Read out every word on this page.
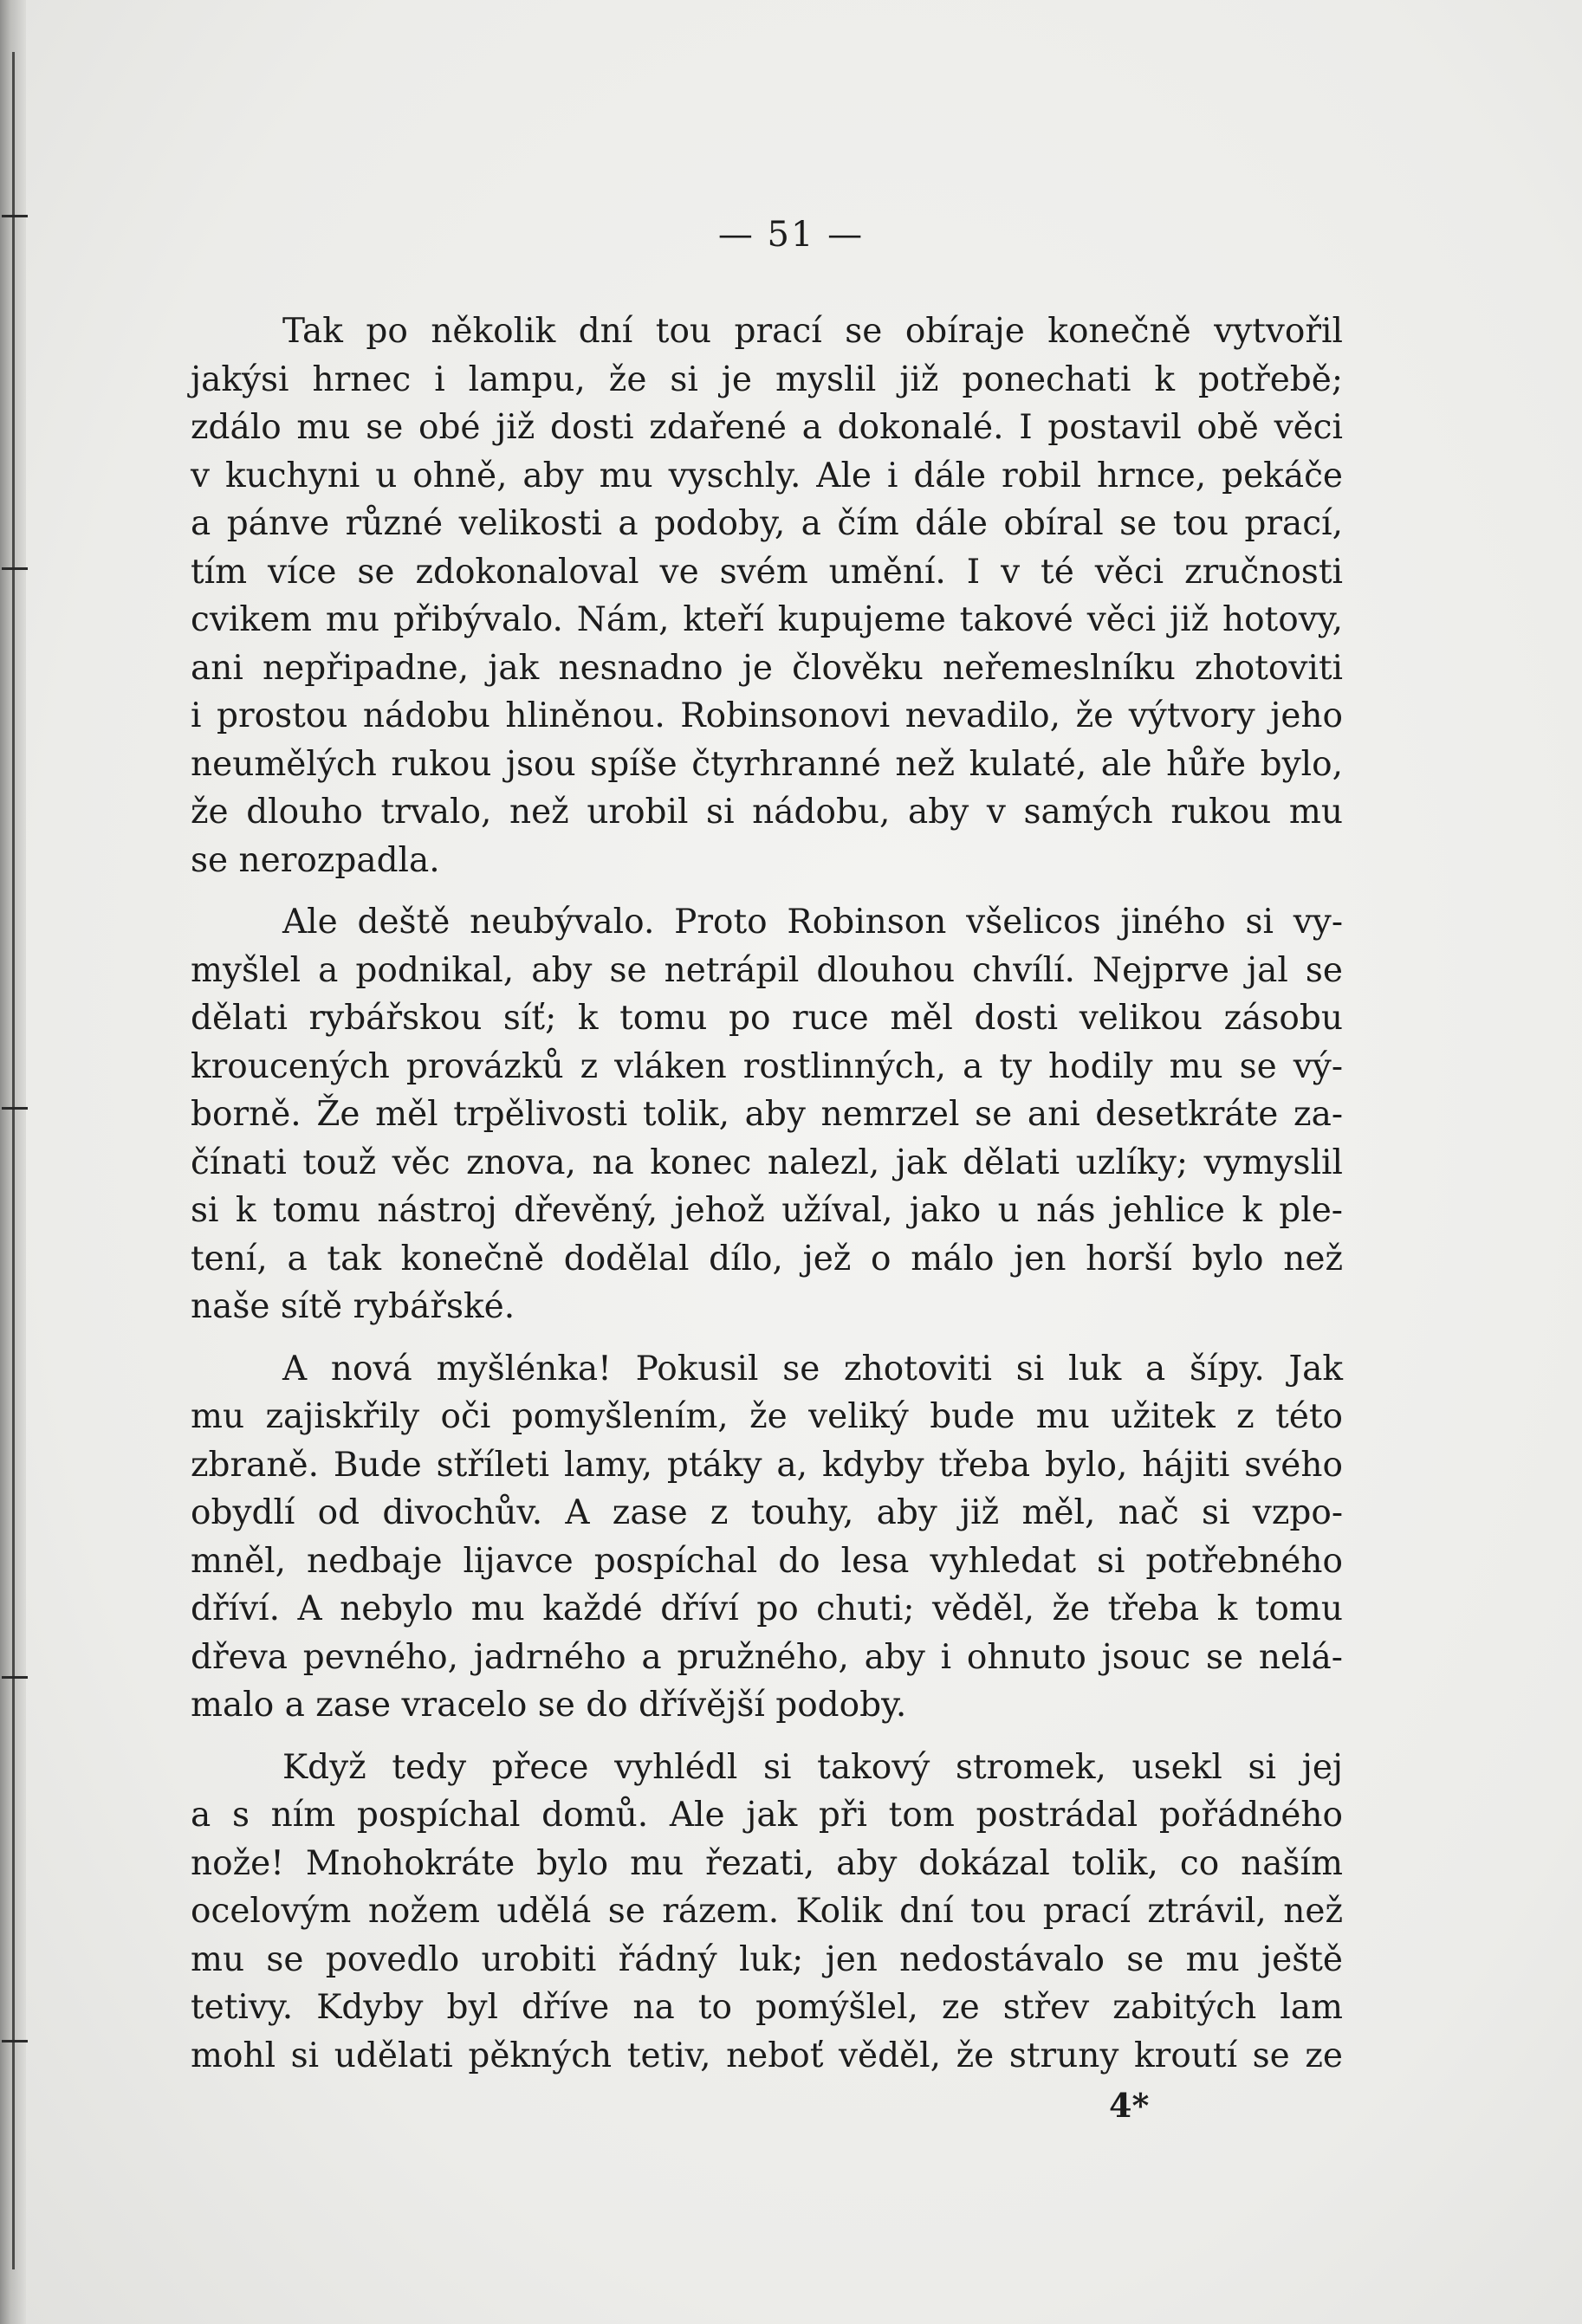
— 51 —
Tak po několik dní tou prací se obíraje konečně vytvořil
jakýsi hrnec i lampu, že si je myslil již ponechati k potřebě;
zdálo mu se obé již dosti zdařené a dokonalé. I postavil obě věci
v kuchyni u ohně, aby mu vyschly. Ale i dále robil hrnce, pekáče
a pánve různé velikosti a podoby, a čím dále obíral se tou prací,
tím více se zdokonaloval ve svém umění. I v té věci zručnosti
cvikem mu přibývalo. Nám, kteří kupujeme takové věci již hotovy,
ani nepřipadne, jak nesnadno je člověku neřemeslníku zhotoviti
i prostou nádobu hliněnou. Robinsonovi nevadilo, že výtvory jeho
neumělých rukou jsou spíše čtyrhranné než kulaté, ale hůře bylo,
že dlouho trvalo, než urobil si nádobu, aby v samých rukou mu
se nerozpadla.
Ale deště neubývalo. Proto Robinson všelicos jiného si vy-
myšlel a podnikal, aby se netrápil dlouhou chvílí. Nejprve jal se
dělati rybářskou síť; k tomu po ruce měl dosti velikou zásobu
kroucených provázků z vláken rostlinných, a ty hodily mu se vý-
borně. Že měl trpělivosti tolik, aby nemrzel se ani desetkráte za-
čínati touž věc znova, na konec nalezl, jak dělati uzlíky; vymyslil
si k tomu nástroj dřevěný, jehož užíval, jako u nás jehlice k ple-
tení, a tak konečně dodělal dílo, jež o málo jen horší bylo než
naše sítě rybářské.
A nová myšlénka! Pokusil se zhotoviti si luk a šípy. Jak
mu zajiskřily oči pomyšlením, že veliký bude mu užitek z této
zbraně. Bude střílеti lamy, ptáky a, kdyby třeba bylo, hájiti svého
obydlí od divochův. A zase z touhy, aby již měl, nač si vzpo-
mněl, nedbaje lijavce pospíchal do lesa vyhledat si potřebného
dříví. A nebylo mu každé dříví po chuti; věděl, že třeba k tomu
dřeva pevného, jadrného a pružného, aby i ohnuto jsouc se nelá-
malo a zase vracelo se do dřívější podoby.
Když tedy přece vyhlédl si takový stromek, usekl si jej
a s ním pospíchal domů. Ale jak při tom postrádal pořádného
nože! Mnohokráte bylo mu řezati, aby dokázal tolik, co naším
ocelovým nožem udělá se rázem. Kolik dní tou prací ztrávil, než
mu se povedlo urobiti řádný luk; jen nedostávalo se mu ještě
tetivy. Kdyby byl dříve na to pomýšlel, ze střev zabitých lam
mohl si udělati pěkných tetiv, neboť věděl, že struny kroutí se ze
4*
